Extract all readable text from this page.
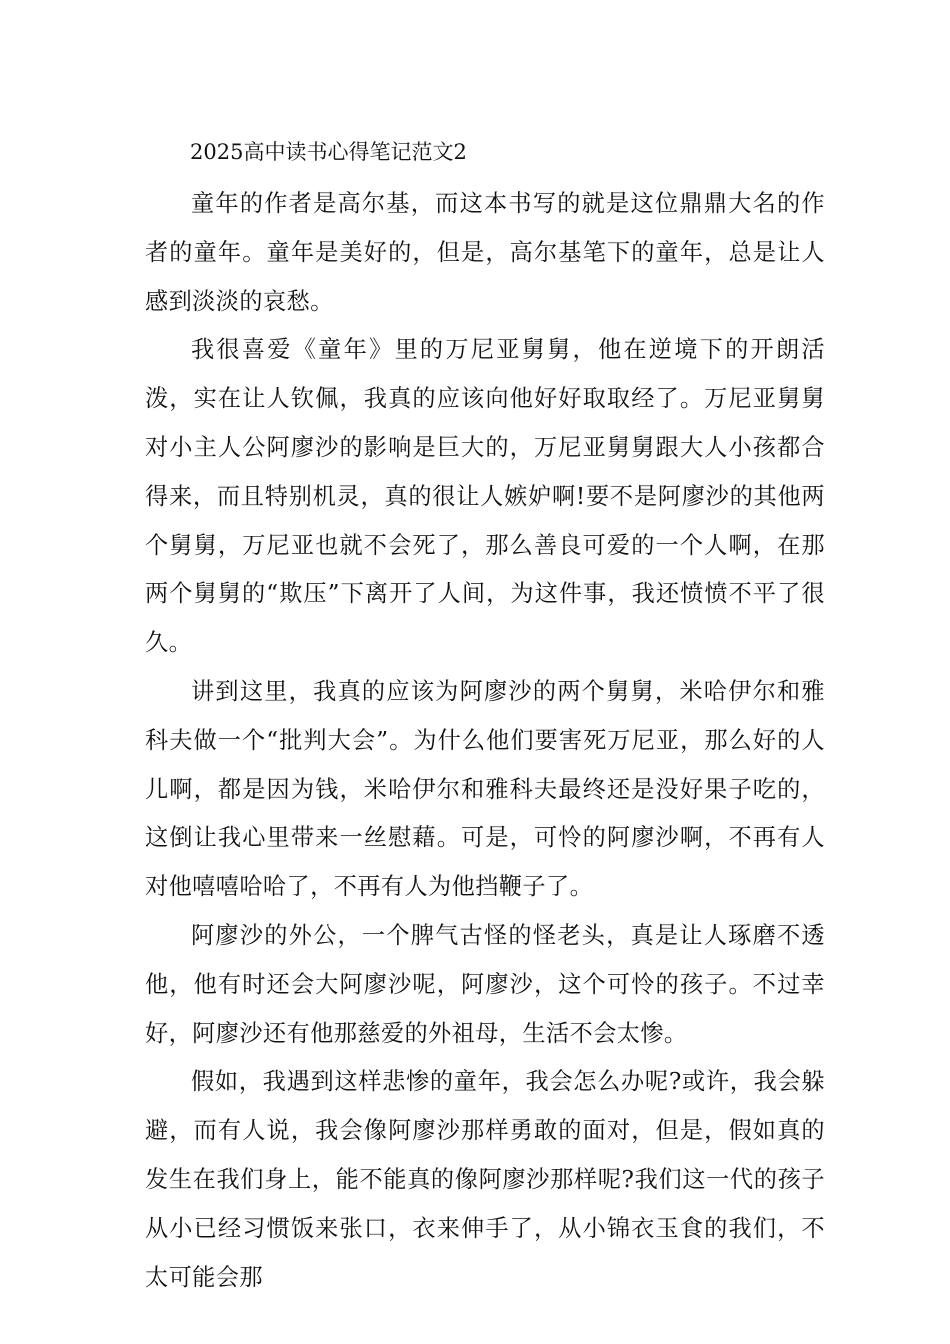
2025高中读书心得笔记范文2

童年的作者是高尔基，而这本书写的就是这位鼎鼎大名的作者的童年。童年是美好的，但是，高尔基笔下的童年，总是让人感到淡淡的哀愁。

我很喜爱《童年》里的万尼亚舅舅，他在逆境下的开朗活泼，实在让人钦佩，我真的应该向他好好取取经了。万尼亚舅舅对小主人公阿廖沙的影响是巨大的，万尼亚舅舅跟大人小孩都合得来，而且特别机灵，真的很让人嫉妒啊!要不是阿廖沙的其他两个舅舅，万尼亚也就不会死了，那么善良可爱的一个人啊，在那两个舅舅的“欺压”下离开了人间，为这件事，我还愤愤不平了很久。

讲到这里，我真的应该为阿廖沙的两个舅舅，米哈伊尔和雅科夫做一个“批判大会”。为什么他们要害死万尼亚，那么好的人儿啊，都是因为钱，米哈伊尔和雅科夫最终还是没好果子吃的，这倒让我心里带来一丝慰藉。可是，可怜的阿廖沙啊，不再有人对他嘻嘻哈哈了，不再有人为他挡鞭子了。

阿廖沙的外公，一个脾气古怪的怪老头，真是让人琢磨不透他，他有时还会大阿廖沙呢，阿廖沙，这个可怜的孩子。不过幸好，阿廖沙还有他那慈爱的外祖母，生活不会太惨。

假如，我遇到这样悲惨的童年，我会怎么办呢?或许，我会躲避，而有人说，我会像阿廖沙那样勇敢的面对，但是，假如真的发生在我们身上，能不能真的像阿廖沙那样呢?我们这一代的孩子从小已经习惯饭来张口，衣来伸手了，从小锦衣玉食的我们，不太可能会那
